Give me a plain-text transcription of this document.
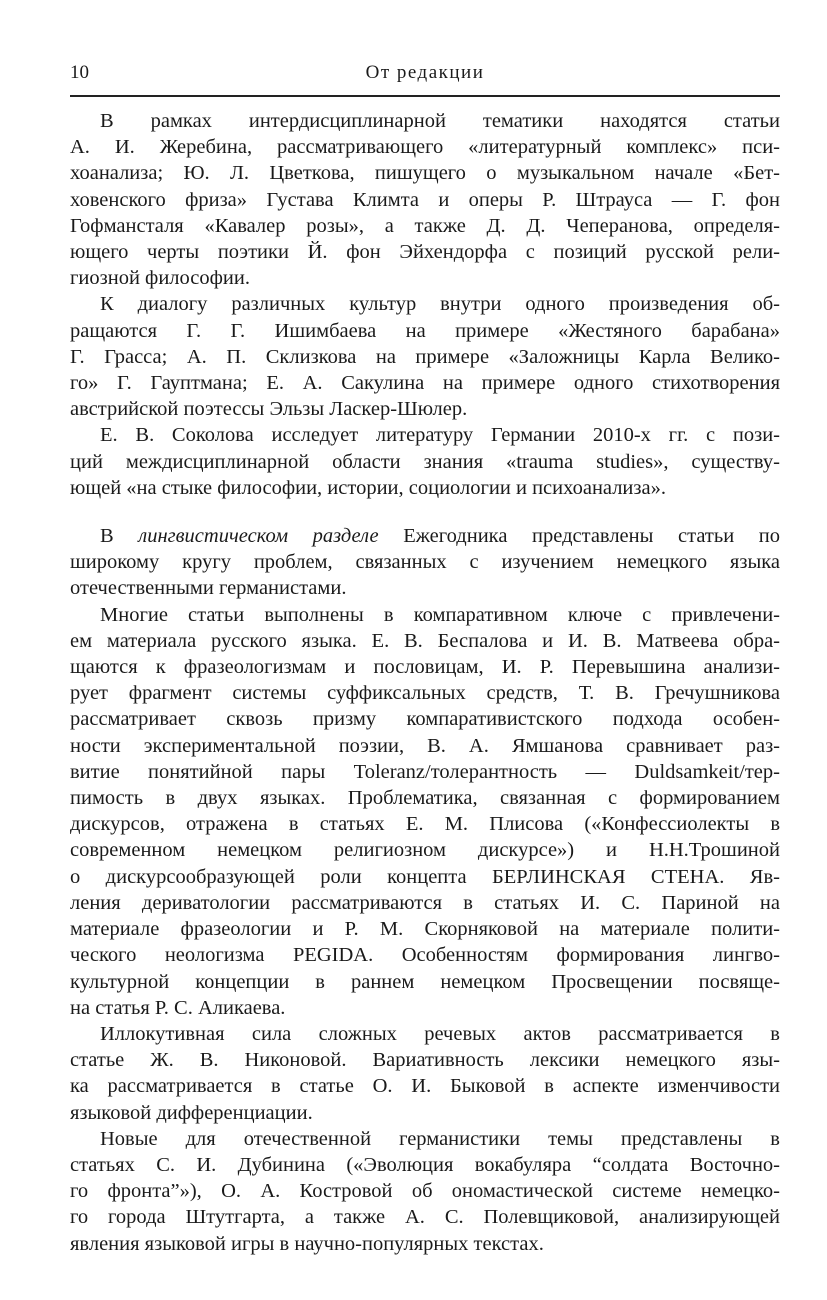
10	От редакции
В рамках интердисциплинарной тематики находятся статьи
А. И. Жеребина, рассматривающего «литературный комплекс» пси-
хоанализа; Ю. Л. Цветкова, пишущего о музыкальном начале «Бет-
ховенского фриза» Густава Климта и оперы Р. Штрауса — Г. фон
Гофмансталя «Кавалер розы», а также Д. Д. Чеперанова, определя-
ющего черты поэтики Й. фон Эйхендорфа с позиций русской рели-
гиозной философии.
К диалогу различных культур внутри одного произведения об-
ращаются Г. Г. Ишимбаева на примере «Жестяного барабана»
Г. Грасса; А. П. Склизкова на примере «Заложницы Карла Велико-
го» Г. Гауптмана; Е. А. Сакулина на примере одного стихотворения
австрийской поэтессы Эльзы Ласкер-Шюлер.
Е. В. Соколова исследует литературу Германии 2010-х гг. с пози-
ций междисциплинарной области знания «trauma studies», существу-
ющей «на стыке философии, истории, социологии и психоанализа».
В лингвистическом разделе Ежегодника представлены статьи по
широкому кругу проблем, связанных с изучением немецкого языка
отечественными германистами.
Многие статьи выполнены в компаративном ключе с привлечени-
ем материала русского языка. Е. В. Беспалова и И. В. Матвеева обра-
щаются к фразеологизмам и пословицам, И. Р. Перевышина анализи-
рует фрагмент системы суффиксальных средств, Т. В. Гречушникова
рассматривает сквозь призму компаративистского подхода особен-
ности экспериментальной поэзии, В. А. Ямшанова сравнивает раз-
витие понятийной пары Toleranz/толерантность — Duldsamkeit/тер-
пимость в двух языках. Проблематика, связанная с формированием
дискурсов, отражена в статьях Е. М. Плисова («Конфессиолекты в
современном немецком религиозном дискурсе») и Н.Н.Трошиной
о дискурсообразующей роли концепта БЕРЛИНСКАЯ СТЕНА. Яв-
ления дериватологии рассматриваются в статьях И. С. Париной на
материале фразеологии и Р. М. Скорняковой на материале полити-
ческого неологизма PEGIDA. Особенностям формирования лингво-
культурной концепции в раннем немецком Просвещении посвяще-
на статья Р. С. Аликаева.
Иллокутивная сила сложных речевых актов рассматривается в
статье Ж. В. Никоновой. Вариативность лексики немецкого язы-
ка рассматривается в статье О. И. Быковой в аспекте изменчивости
языковой дифференциации.
Новые для отечественной германистики темы представлены в
статьях С. И. Дубинина («Эволюция вокабуляра “солдата Восточно-
го фронта”»), О. А. Костровой об ономастической системе немецко-
го города Штутгарта, а также А. С. Полевщиковой, анализирующей
явления языковой игры в научно-популярных текстах.
